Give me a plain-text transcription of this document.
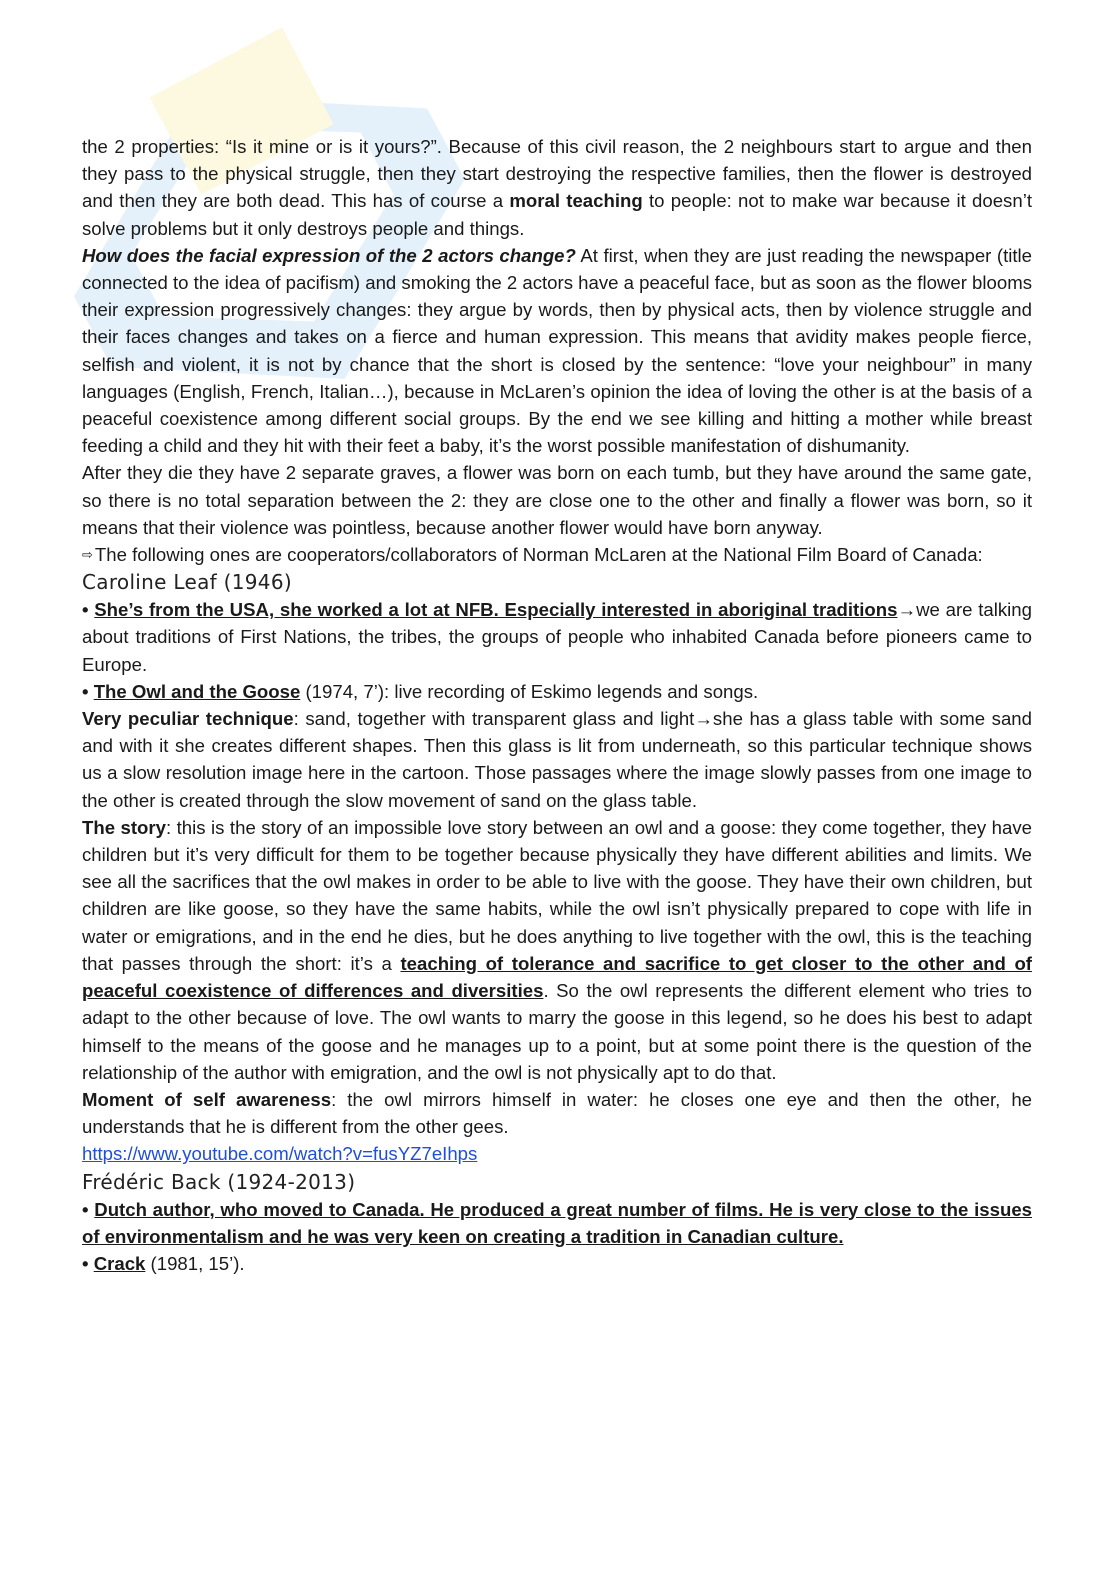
the 2 properties: “Is it mine or is it yours?”. Because of this civil reason, the 2 neighbours start to argue and then they pass to the physical struggle, then they start destroying the respective families, then the flower is destroyed and then they are both dead. This has of course a moral teaching to people: not to make war because it doesn’t solve problems but it only destroys people and things.

How does the facial expression of the 2 actors change? At first, when they are just reading the newspaper (title connected to the idea of pacifism) and smoking the 2 actors have a peaceful face, but as soon as the flower blooms their expression progressively changes: they argue by words, then by physical acts, then by violence struggle and their faces changes and takes on a fierce and human expression. This means that avidity makes people fierce, selfish and violent, it is not by chance that the short is closed by the sentence: “love your neighbour” in many languages (English, French, Italian…), because in McLaren’s opinion the idea of loving the other is at the basis of a peaceful coexistence among different social groups. By the end we see killing and hitting a mother while breast feeding a child and they hit with their feet a baby, it’s the worst possible manifestation of dishumanity.

After they die they have 2 separate graves, a flower was born on each tumb, but they have around the same gate, so there is no total separation between the 2: they are close one to the other and finally a flower was born, so it means that their violence was pointless, because another flower would have born anyway.

⇨ The following ones are cooperators/collaborators of Norman McLaren at the National Film Board of Canada:

Caroline Leaf (1946)

• She’s from the USA, she worked a lot at NFB. Especially interested in aboriginal traditions→we are talking about traditions of First Nations, the tribes, the groups of people who inhabited Canada before pioneers came to Europe.

• The Owl and the Goose (1974, 7’): live recording of Eskimo legends and songs.

Very peculiar technique: sand, together with transparent glass and light→she has a glass table with some sand and with it she creates different shapes. Then this glass is lit from underneath, so this particular technique shows us a slow resolution image here in the cartoon. Those passages where the image slowly passes from one image to the other is created through the slow movement of sand on the glass table.

The story: this is the story of an impossible love story between an owl and a goose: they come together, they have children but it’s very difficult for them to be together because physically they have different abilities and limits. We see all the sacrifices that the owl makes in order to be able to live with the goose. They have their own children, but children are like goose, so they have the same habits, while the owl isn’t physically prepared to cope with life in water or emigrations, and in the end he dies, but he does anything to live together with the owl, this is the teaching that passes through the short: it’s a teaching of tolerance and sacrifice to get closer to the other and of peaceful coexistence of differences and diversities. So the owl represents the different element who tries to adapt to the other because of love. The owl wants to marry the goose in this legend, so he does his best to adapt himself to the means of the goose and he manages up to a point, but at some point there is the question of the relationship of the author with emigration, and the owl is not physically apt to do that.

Moment of self awareness: the owl mirrors himself in water: he closes one eye and then the other, he understands that he is different from the other gees.

https://www.youtube.com/watch?v=fusYZ7eIhps

Frédéric Back (1924-2013)

• Dutch author, who moved to Canada. He produced a great number of films. He is very close to the issues of environmentalism and he was very keen on creating a tradition in Canadian culture.

• Crack (1981, 15’).
